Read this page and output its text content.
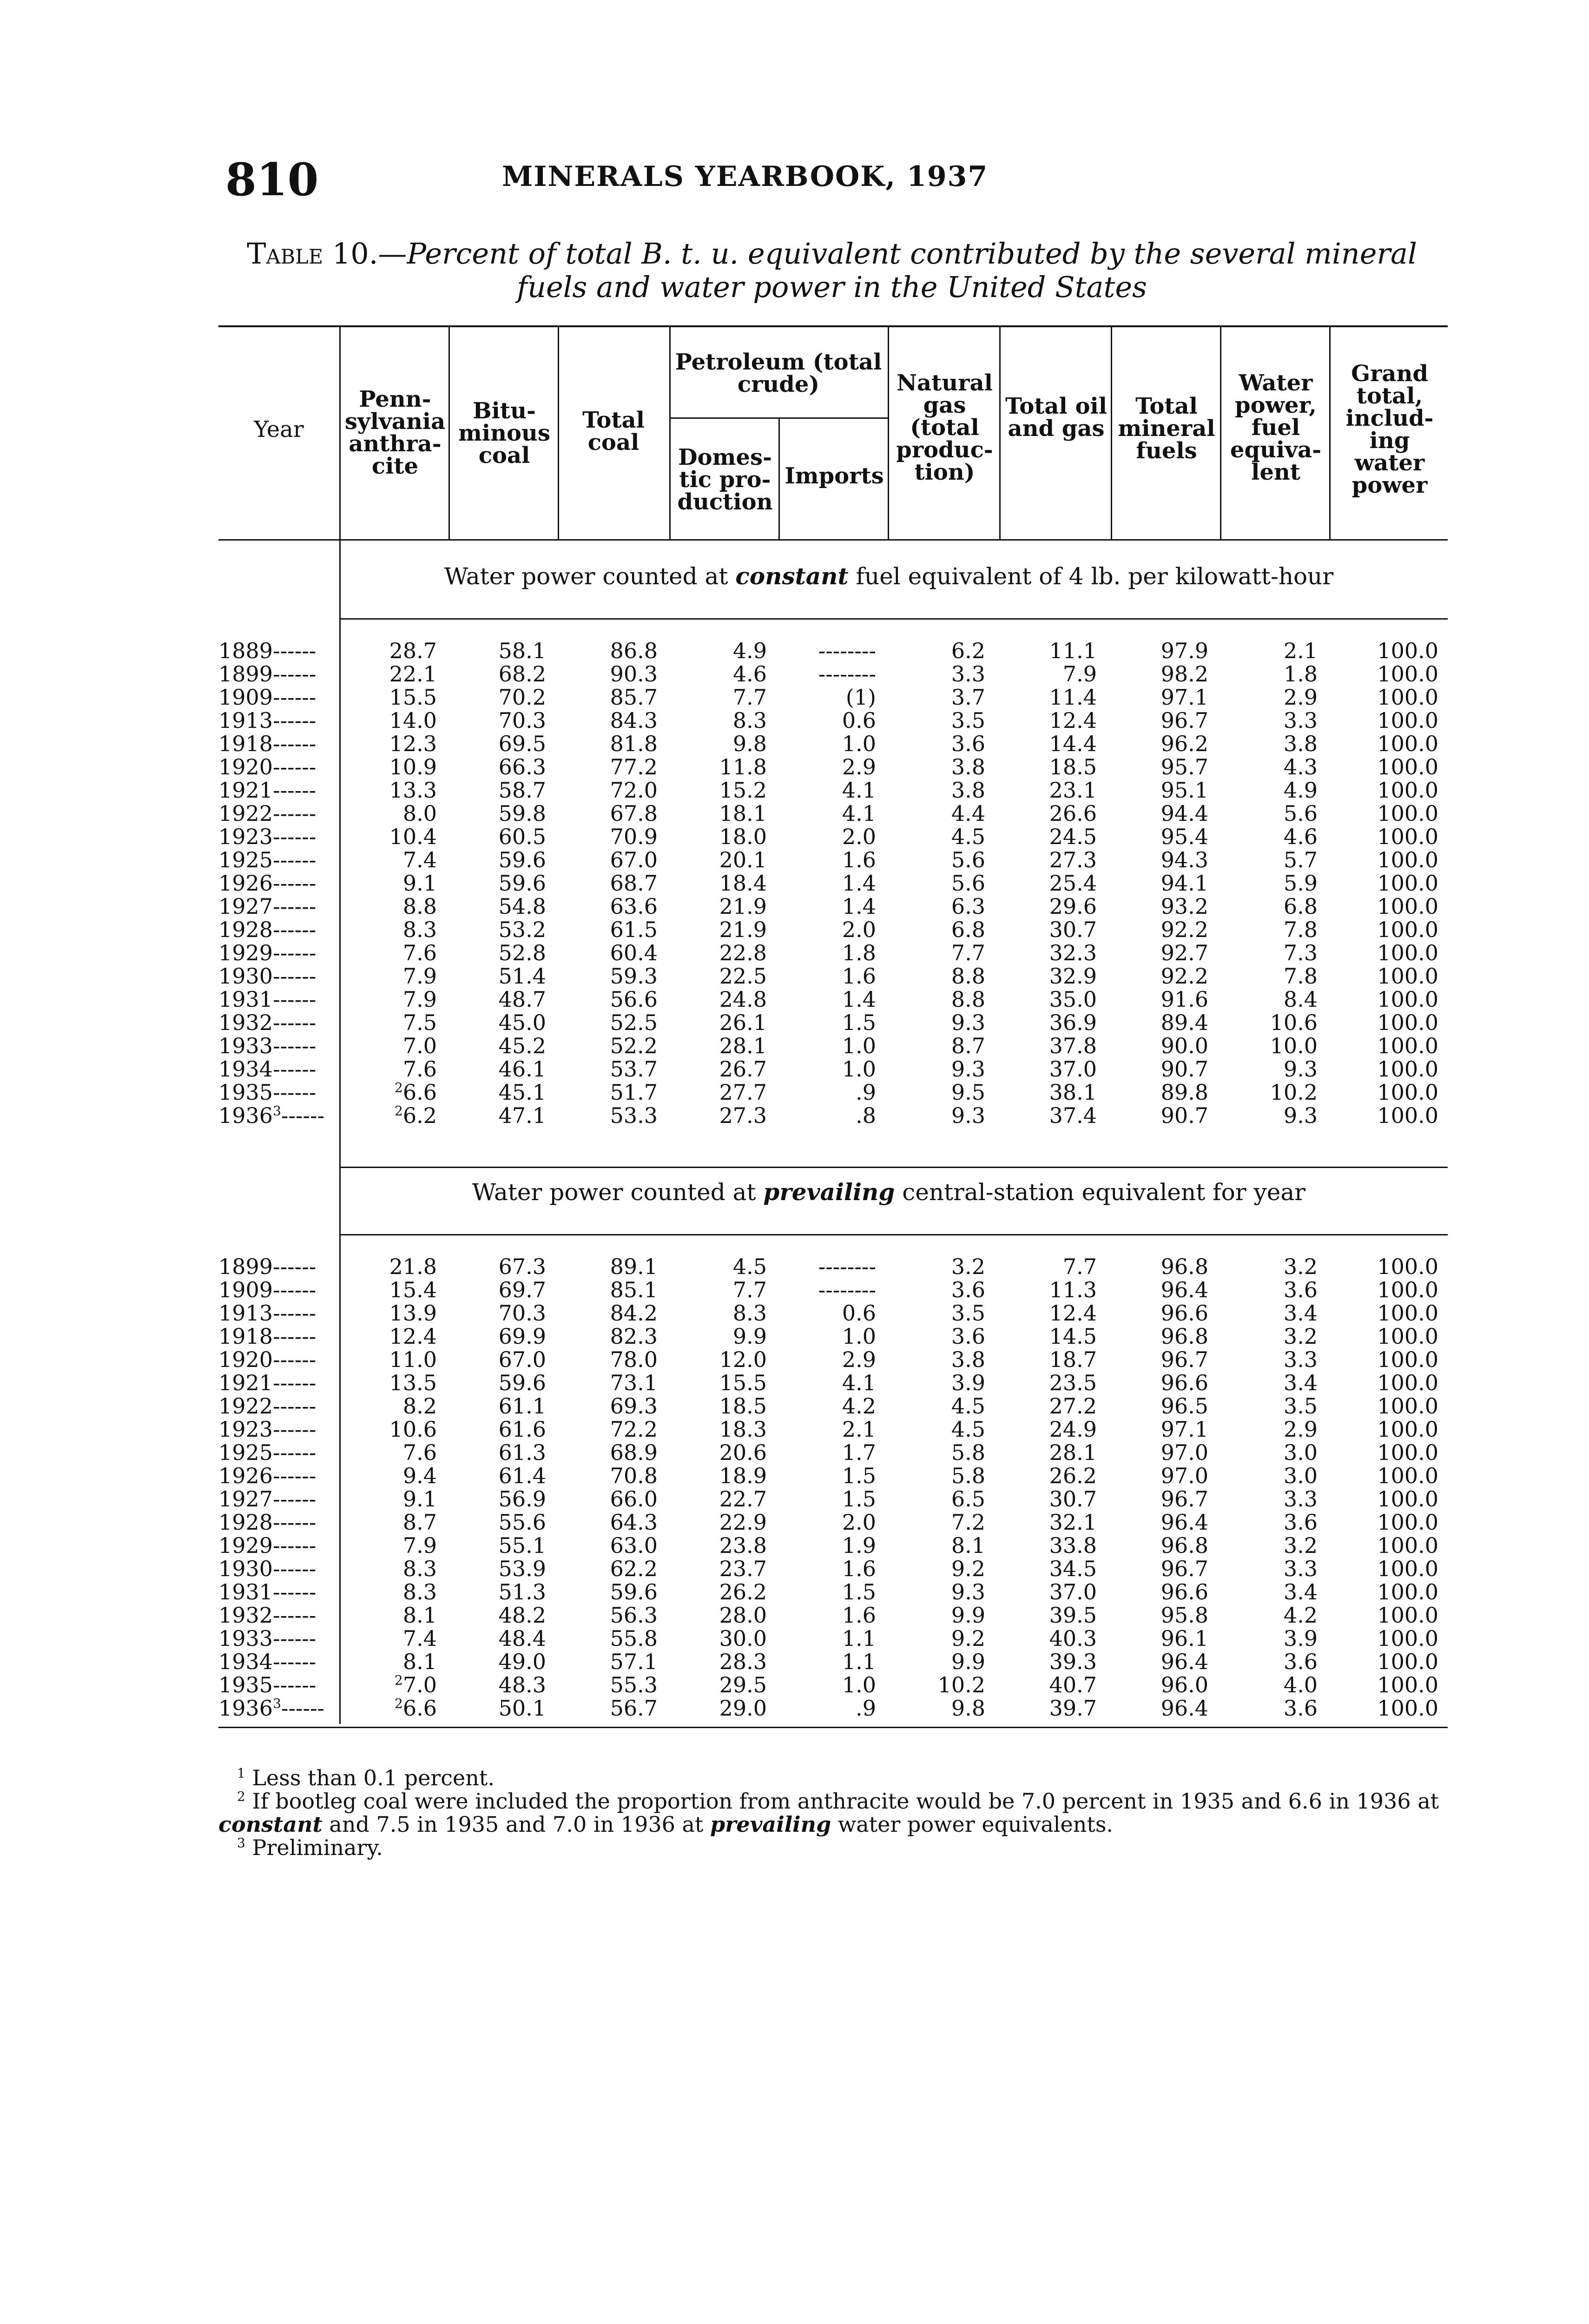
810	MINERALS YEARBOOK, 1937
Table 10.—Percent of total B. t. u. equivalent contributed by the several mineral fuels and water power in the United States
Year
Penn-sylvania anthra-cite
Bitu-minous coal
Total coal
Petroleum (total crude)
Domes-tic pro-duction
Imports
Natural gas (total produc-tion)
Total oil and gas
Total mineral fuels
Water power, fuel equiva-lent
Grand total, includ-ing water power
Water power counted at constant fuel equivalent of 4 lb. per kilowatt-hour
Water power counted at prevailing central-station equivalent for year
$^1$ Less than 0.1 percent.
$^2$ If bootleg coal were included the proportion from anthracite would be 7.0 percent in 1935 and 6.6 in 1936 at constant and 7.5 in 1935 and 7.0 in 1936 at prevailing water power equivalents.
$^3$ Preliminary.
1889------
1899------
1909------
1913------
1918------
1920------
1921------
1922------
1923------
1925------
1926------
1927------
1928------
1929------
1930------
1931------
1932------
1933------
1934------
1935------
1936$^3$------
28.7
22.1
15.5
14.0
12.3
10.9
13.3
8.0
10.4
7.4
9.1
8.8
8.3
7.6
7.9
7.9
7.5
7.0
7.6
$^2$6.6
$^2$6.2
58.1
68.2
70.2
70.3
69.5
66.3
58.7
59.8
60.5
59.6
59.6
54.8
53.2
52.8
51.4
48.7
45.0
45.2
46.1
45.1
47.1
86.8
90.3
85.7
84.3
81.8
77.2
72.0
67.8
70.9
67.0
68.7
63.6
61.5
60.4
59.3
56.6
52.5
52.2
53.7
51.7
53.3
4.9
4.6
7.7
8.3
9.8
11.8
15.2
18.1
18.0
20.1
18.4
21.9
21.9
22.8
22.5
24.8
26.1
28.1
26.7
27.7
27.3
--------
--------
(1)
0.6
1.0
2.9
4.1
4.1
2.0
1.6
1.4
1.4
2.0
1.8
1.6
1.4
1.5
1.0
1.0
.9
.8
6.2
3.3
3.7
3.5
3.6
3.8
3.8
4.4
4.5
5.6
5.6
6.3
6.8
7.7
8.8
8.8
9.3
8.7
9.3
9.5
9.3
11.1
7.9
11.4
12.4
14.4
18.5
23.1
26.6
24.5
27.3
25.4
29.6
30.7
32.3
32.9
35.0
36.9
37.8
37.0
38.1
37.4
97.9
98.2
97.1
96.7
96.2
95.7
95.1
94.4
95.4
94.3
94.1
93.2
92.2
92.7
92.2
91.6
89.4
90.0
90.7
89.8
90.7
2.1
1.8
2.9
3.3
3.8
4.3
4.9
5.6
4.6
5.7
5.9
6.8
7.8
7.3
7.8
8.4
10.6
10.0
9.3
10.2
9.3
100.0
100.0
100.0
100.0
100.0
100.0
100.0
100.0
100.0
100.0
100.0
100.0
100.0
100.0
100.0
100.0
100.0
100.0
100.0
100.0
100.0
1899------
1909------
1913------
1918------
1920------
1921------
1922------
1923------
1925------
1926------
1927------
1928------
1929------
1930------
1931------
1932------
1933------
1934------
1935------
1936$^3$------
21.8
15.4
13.9
12.4
11.0
13.5
8.2
10.6
7.6
9.4
9.1
8.7
7.9
8.3
8.3
8.1
7.4
8.1
$^2$7.0
$^2$6.6
67.3
69.7
70.3
69.9
67.0
59.6
61.1
61.6
61.3
61.4
56.9
55.6
55.1
53.9
51.3
48.2
48.4
49.0
48.3
50.1
89.1
85.1
84.2
82.3
78.0
73.1
69.3
72.2
68.9
70.8
66.0
64.3
63.0
62.2
59.6
56.3
55.8
57.1
55.3
56.7
4.5
7.7
8.3
9.9
12.0
15.5
18.5
18.3
20.6
18.9
22.7
22.9
23.8
23.7
26.2
28.0
30.0
28.3
29.5
29.0
--------
--------
0.6
1.0
2.9
4.1
4.2
2.1
1.7
1.5
1.5
2.0
1.9
1.6
1.5
1.6
1.1
1.1
1.0
.9
3.2
3.6
3.5
3.6
3.8
3.9
4.5
4.5
5.8
5.8
6.5
7.2
8.1
9.2
9.3
9.9
9.2
9.9
10.2
9.8
7.7
11.3
12.4
14.5
18.7
23.5
27.2
24.9
28.1
26.2
30.7
32.1
33.8
34.5
37.0
39.5
40.3
39.3
40.7
39.7
96.8
96.4
96.6
96.8
96.7
96.6
96.5
97.1
97.0
97.0
96.7
96.4
96.8
96.7
96.6
95.8
96.1
96.4
96.0
96.4
3.2
3.6
3.4
3.2
3.3
3.4
3.5
2.9
3.0
3.0
3.3
3.6
3.2
3.3
3.4
4.2
3.9
3.6
4.0
3.6
100.0
100.0
100.0
100.0
100.0
100.0
100.0
100.0
100.0
100.0
100.0
100.0
100.0
100.0
100.0
100.0
100.0
100.0
100.0
100.0
